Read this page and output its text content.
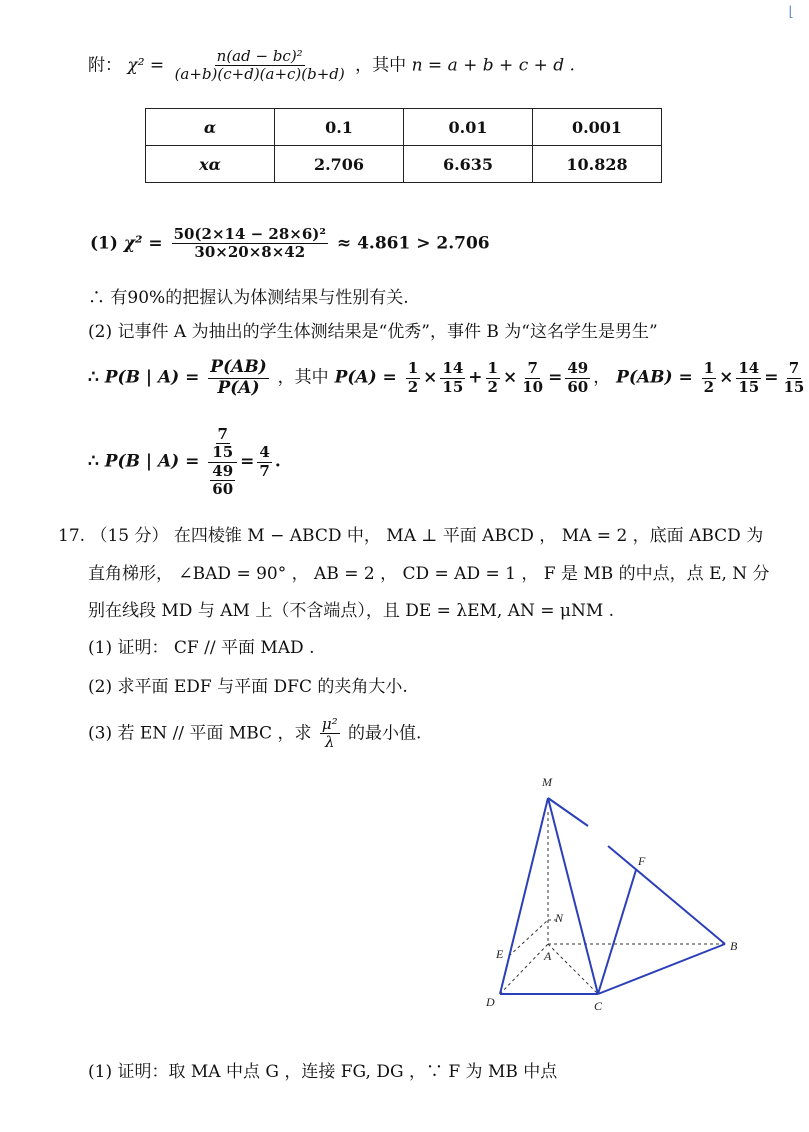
⌊
附： $\chi^2 = \frac{\text{n(ad − bc)²}}{(a+b)(c+d)(a+c)(b+d)}$ ，其中 n = a + b + c + d .
α	0.1	0.01	0.001
xα	2.706	6.635	10.828
(1) $\chi^2 = \frac{\text{50(2×14 − 28×6)²}}{30\times 20\times 8\times 42} \approx 4.861 > 2.706$
∴ 有90%的把握认为体测结果与性别有关.
(2) 记事件 A 为抽出的学生体测结果是“优秀”，事件 B 为“这名学生是男生”
∴ P(B | $A) = \frac{P(AB)}{P(A)}$ ，其中 $P(A) = \frac{1}{2} \times \frac{14}{15} + \frac{1}{2} \times \frac{7}{10} = \frac{49}{60}$ ， $P(AB) = \frac{1}{2} \times \frac{14}{15} = \frac{7}{15}$
∴ P(B | $A) = \frac{\frac{7}{15}}{\frac{49}{60}} = \frac{4}{7}$ .
17. （15 分） 在四棱锥 M − ABCD 中， MA ⊥ 平面 ABCD ， MA = 2 ，底面 ABCD 为
直角梯形， ∠BAD = 90° ， AB = 2 ， CD = AD = 1 ， F 是 MB 的中点，点 E, N 分
别在线段 MD 与 AM 上（不含端点），且 DE = λEM, AN = μNM .
(1) 证明： CF // 平面 MAD .
(2) 求平面 EDF 与平面 DFC 的夹角大小.
(3) 若 EN // 平面 MBC ，求 $\frac{\text{μ²}}{\lambda}$ 的最小值.
M
F
N
E	A
B
D	C
(1) 证明：取 MA 中点 G ，连接 FG, DG ，∵ F 为 MB 中点
